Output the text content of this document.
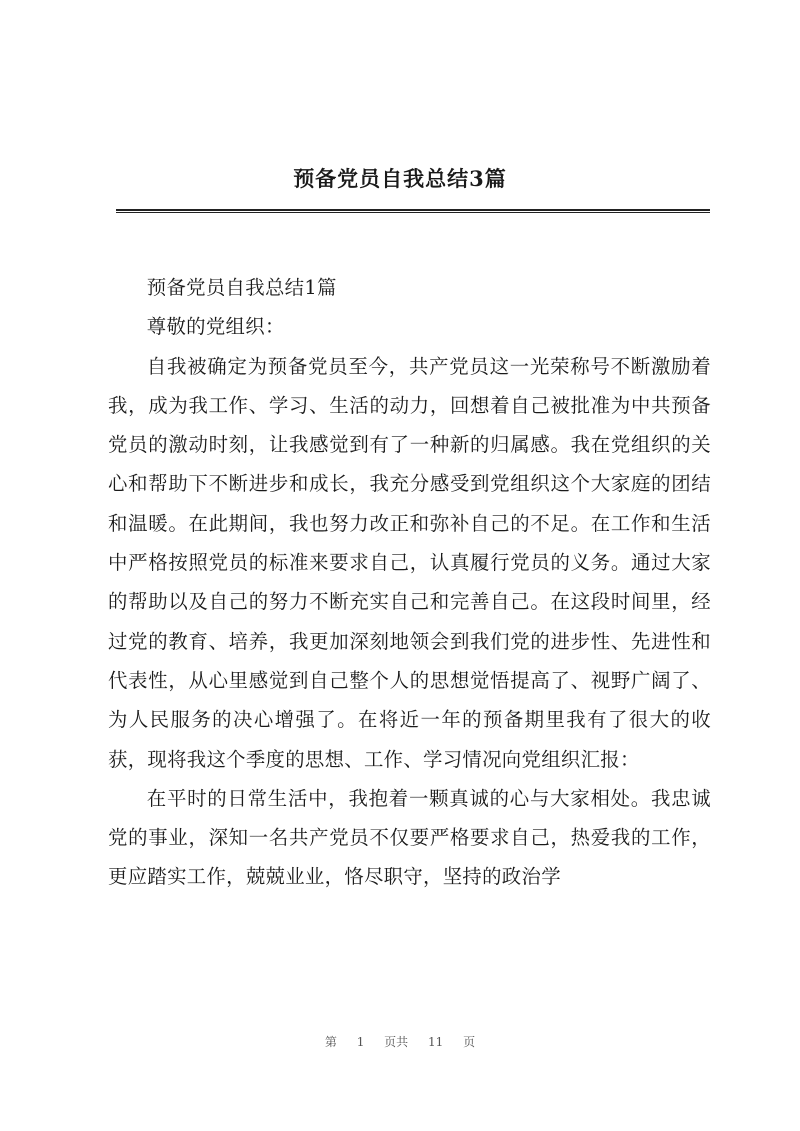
预备党员自我总结3篇

预备党员自我总结1篇

尊敬的党组织：

自我被确定为预备党员至今，共产党员这一光荣称号不断激励着我，成为我工作、学习、生活的动力，回想着自己被批准为中共预备党员的激动时刻，让我感觉到有了一种新的归属感。我在党组织的关心和帮助下不断进步和成长，我充分感受到党组织这个大家庭的团结和温暖。在此期间，我也努力改正和弥补自己的不足。在工作和生活中严格按照党员的标准来要求自己，认真履行党员的义务。通过大家的帮助以及自己的努力不断充实自己和完善自己。在这段时间里，经过党的教育、培养，我更加深刻地领会到我们党的进步性、先进性和代表性，从心里感觉到自己整个人的思想觉悟提高了、视野广阔了、为人民服务的决心增强了。在将近一年的预备期里我有了很大的收获，现将我这个季度的思想、工作、学习情况向党组织汇报：

在平时的日常生活中，我抱着一颗真诚的心与大家相处。我忠诚党的事业，深知一名共产党员不仅要严格要求自己，热爱我的工作，更应踏实工作，兢兢业业，恪尽职守，坚持的政治学

第 1 页共 11 页
